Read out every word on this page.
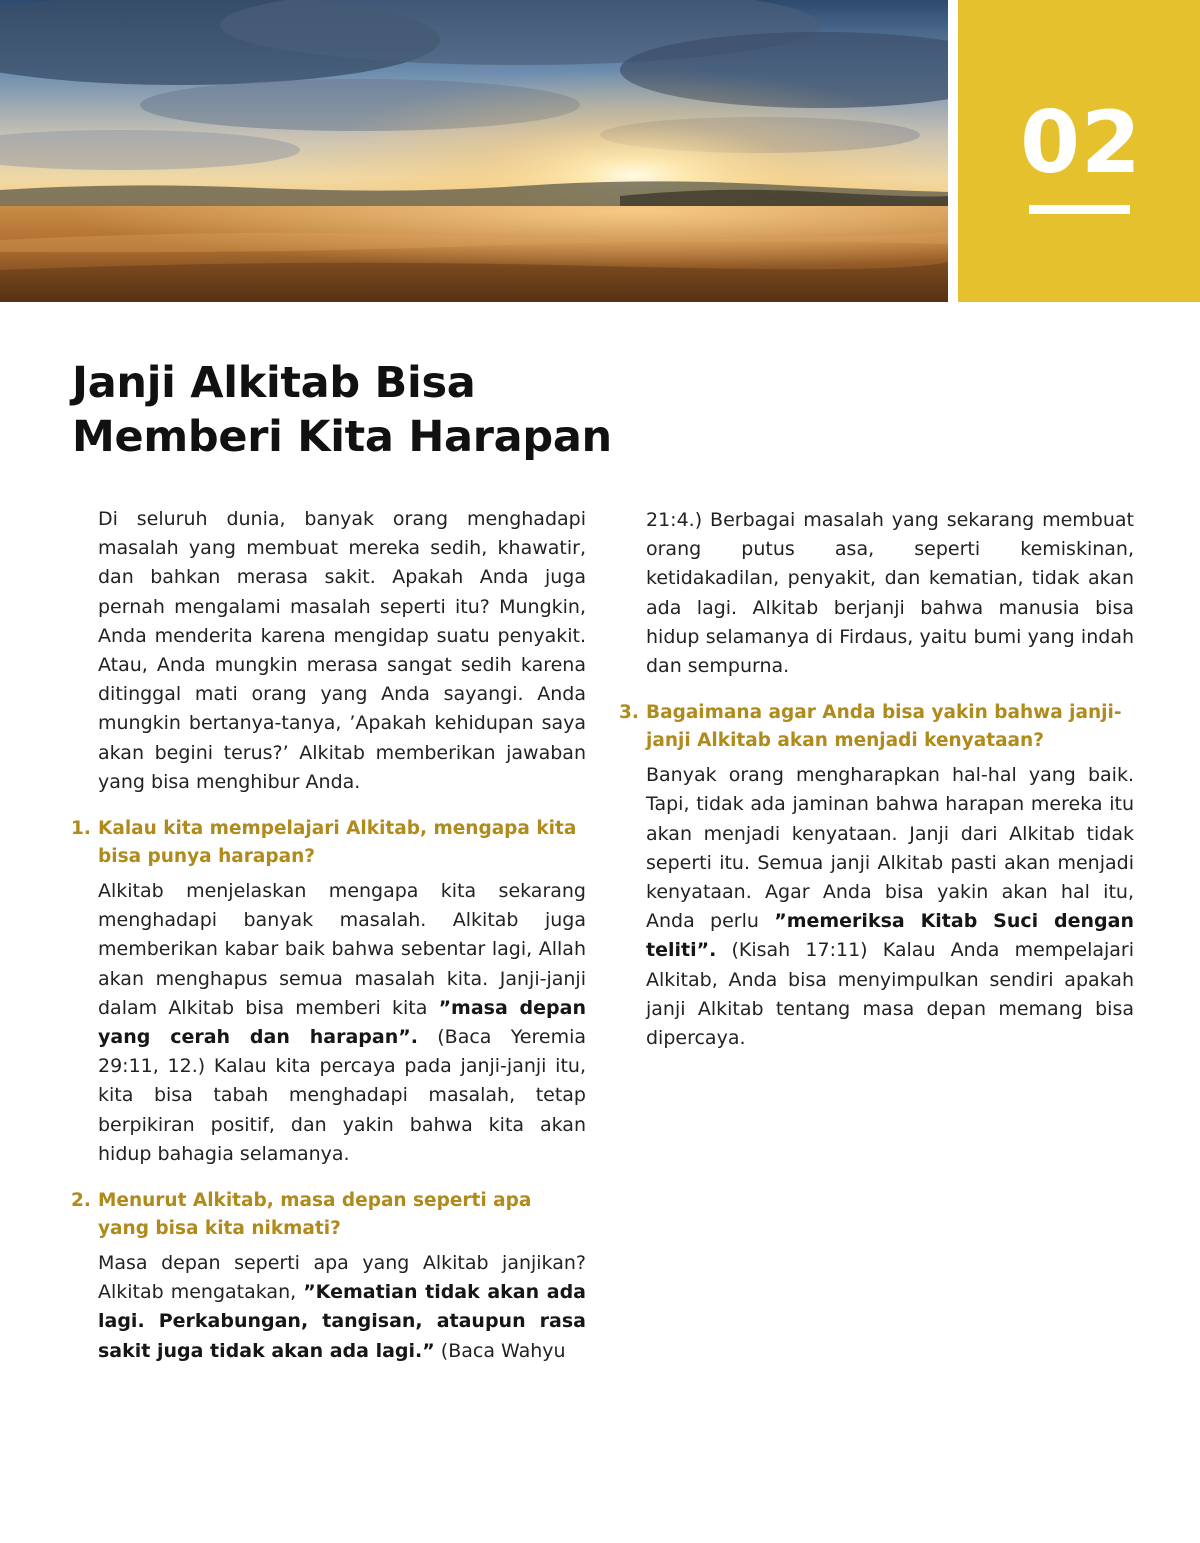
02
Janji Alkitab Bisa
Memberi Kita Harapan

Di seluruh dunia, banyak orang menghadapi masalah yang membuat mereka sedih, khawatir, dan bahkan merasa sakit. Apakah Anda juga pernah mengalami masalah seperti itu? Mungkin, Anda menderita karena mengidap suatu penyakit. Atau, Anda mungkin merasa sangat sedih karena ditinggal mati orang yang Anda sayangi. Anda mungkin bertanya-tanya, ’Apakah kehidupan saya akan begini terus?’ Alkitab memberikan jawaban yang bisa menghibur Anda.

1. Kalau kita mempelajari Alkitab, mengapa kita bisa punya harapan?

Alkitab menjelaskan mengapa kita sekarang menghadapi banyak masalah. Alkitab juga memberikan kabar baik bahwa sebentar lagi, Allah akan menghapus semua masalah kita. Janji-janji dalam Alkitab bisa memberi kita ”masa depan yang cerah dan harapan”. (Baca Yeremia 29:11, 12.) Kalau kita percaya pada janji-janji itu, kita bisa tabah menghadapi masalah, tetap berpikiran positif, dan yakin bahwa kita akan hidup bahagia selamanya.

2. Menurut Alkitab, masa depan seperti apa yang bisa kita nikmati?

Masa depan seperti apa yang Alkitab janjikan? Alkitab mengatakan, ”Kematian tidak akan ada lagi. Perkabungan, tangisan, ataupun rasa sakit juga tidak akan ada lagi.” (Baca Wahyu

21:4.) Berbagai masalah yang sekarang membuat orang putus asa, seperti kemiskinan, ketidakadilan, penyakit, dan kematian, tidak akan ada lagi. Alkitab berjanji bahwa manusia bisa hidup selamanya di Firdaus, yaitu bumi yang indah dan sempurna.

3. Bagaimana agar Anda bisa yakin bahwa janji-janji Alkitab akan menjadi kenyataan?

Banyak orang mengharapkan hal-hal yang baik. Tapi, tidak ada jaminan bahwa harapan mereka itu akan menjadi kenyataan. Janji dari Alkitab tidak seperti itu. Semua janji Alkitab pasti akan menjadi kenyataan. Agar Anda bisa yakin akan hal itu, Anda perlu ”memeriksa Kitab Suci dengan teliti”. (Kisah 17:11) Kalau Anda mempelajari Alkitab, Anda bisa menyimpulkan sendiri apakah janji Alkitab tentang masa depan memang bisa dipercaya.
